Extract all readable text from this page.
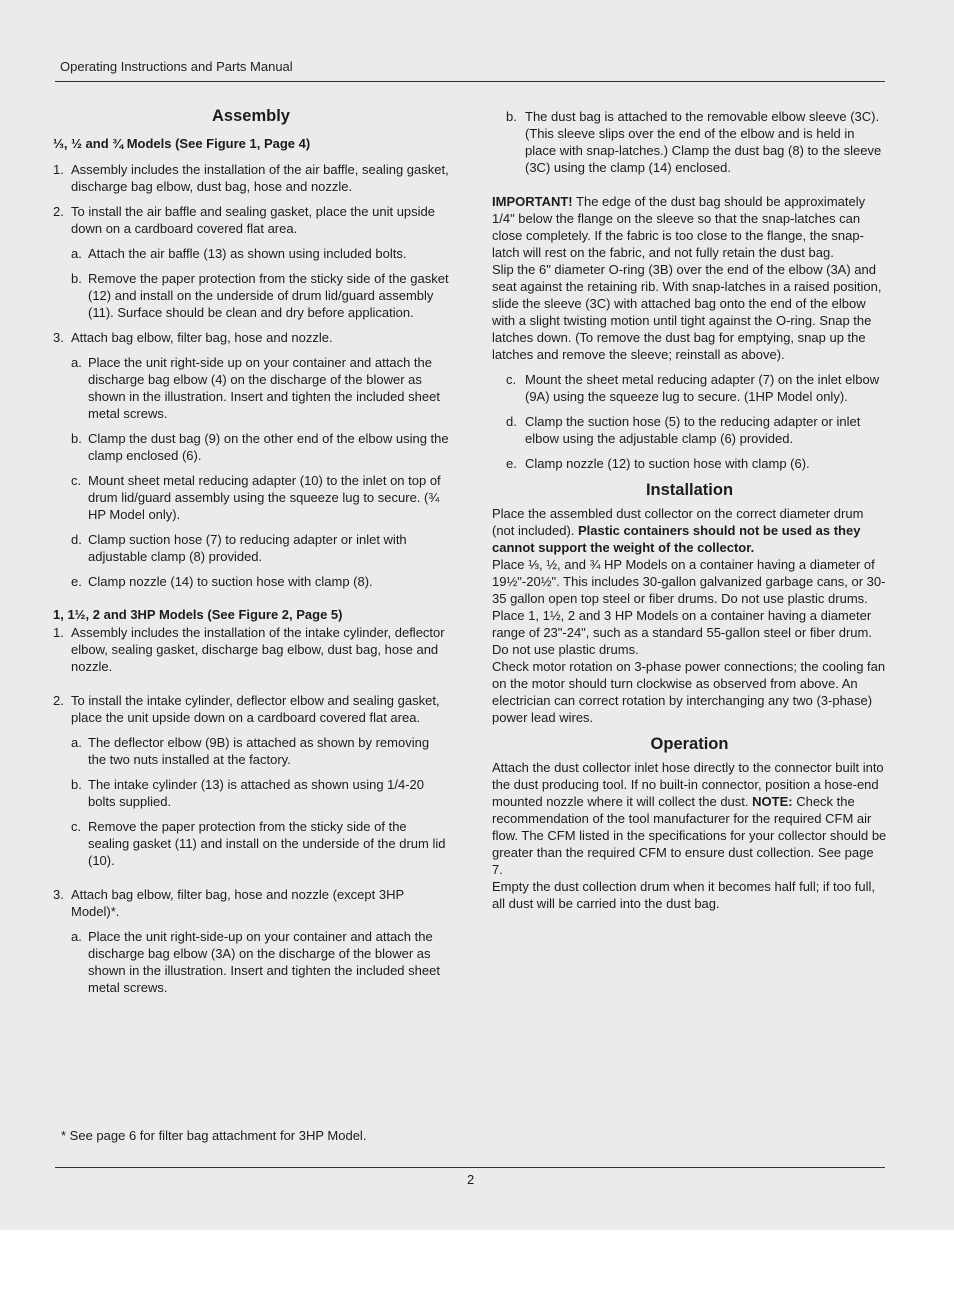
Operating Instructions and Parts Manual
Assembly
⅓, ½ and ¾ Models (See Figure 1, Page 4)
1. Assembly includes the installation of the air baffle, sealing gasket, discharge bag elbow, dust bag, hose and nozzle.
2. To install the air baffle and sealing gasket, place the unit upside down on a cardboard covered flat area.
a. Attach the air baffle (13) as shown using included bolts.
b. Remove the paper protection from the sticky side of the gasket (12) and install on the underside of drum lid/guard assembly (11). Surface should be clean and dry before application.
3. Attach bag elbow, filter bag, hose and nozzle.
a. Place the unit right-side up on your container and attach the discharge bag elbow (4) on the discharge of the blower as shown in the illustration. Insert and tighten the included sheet metal screws.
b. Clamp the dust bag (9) on the other end of the elbow using the clamp enclosed (6).
c. Mount sheet metal reducing adapter (10) to the inlet on top of drum lid/guard assembly using the squeeze lug to secure. (¾ HP Model only).
d. Clamp suction hose (7) to reducing adapter or inlet with adjustable clamp (8) provided.
e. Clamp nozzle (14) to suction hose with clamp (8).
1, 1½, 2 and 3HP Models (See Figure 2, Page 5)
1. Assembly includes the installation of the intake cylinder, deflector elbow, sealing gasket, discharge bag elbow, dust bag, hose and nozzle.
2. To install the intake cylinder, deflector elbow and sealing gasket, place the unit upside down on a cardboard covered flat area.
a. The deflector elbow (9B) is attached as shown by removing the two nuts installed at the factory.
b. The intake cylinder (13) is attached as shown using 1/4-20 bolts supplied.
c. Remove the paper protection from the sticky side of the sealing gasket (11) and install on the underside of the drum lid (10).
3. Attach bag elbow, filter bag, hose and nozzle (except 3HP Model)*.
a. Place the unit right-side-up on your container and attach the discharge bag elbow (3A) on the discharge of the blower as shown in the illustration. Insert and tighten the included sheet metal screws.
b. The dust bag is attached to the removable elbow sleeve (3C). (This sleeve slips over the end of the elbow and is held in place with snap-latches.) Clamp the dust bag (8) to the sleeve (3C) using the clamp (14) enclosed.

IMPORTANT! The edge of the dust bag should be approximately 1/4" below the flange on the sleeve so that the snap-latches can close completely. If the fabric is too close to the flange, the snap-latch will rest on the fabric, and not fully retain the dust bag.

Slip the 6" diameter O-ring (3B) over the end of the elbow (3A) and seat against the retaining rib. With snap-latches in a raised position, slide the sleeve (3C) with attached bag onto the end of the elbow with a slight twisting motion until tight against the O-ring. Snap the latches down. (To remove the dust bag for emptying, snap up the latches and remove the sleeve; reinstall as above).

c. Mount the sheet metal reducing adapter (7) on the inlet elbow (9A) using the squeeze lug to secure. (1HP Model only).
d. Clamp the suction hose (5) to the reducing adapter or inlet elbow using the adjustable clamp (6) provided.
e. Clamp nozzle (12) to suction hose with clamp (6).
Installation

Place the assembled dust collector on the correct diameter drum (not included). Plastic containers should not be used as they cannot support the weight of the collector.

Place ⅓, ½, and ¾ HP Models on a container having a diameter of 19½"-20½". This includes 30-gallon galvanized garbage cans, or 30-35 gallon open top steel or fiber drums. Do not use plastic drums.

Place 1, 1½, 2 and 3 HP Models on a container having a diameter range of 23"-24", such as a standard 55-gallon steel or fiber drum. Do not use plastic drums.

Check motor rotation on 3-phase power connections; the cooling fan on the motor should turn clockwise as observed from above. An electrician can correct rotation by interchanging any two (3-phase) power lead wires.

Operation

Attach the dust collector inlet hose directly to the connector built into the dust producing tool. If no built-in connector, position a hose-end mounted nozzle where it will collect the dust. NOTE: Check the recommendation of the tool manufacturer for the required CFM air flow. The CFM listed in the specifications for your collector should be greater than the required CFM to ensure dust collection. See page 7.

Empty the dust collection drum when it becomes half full; if too full, all dust will be carried into the dust bag.

* See page 6 for filter bag attachment for 3HP Model.
2
